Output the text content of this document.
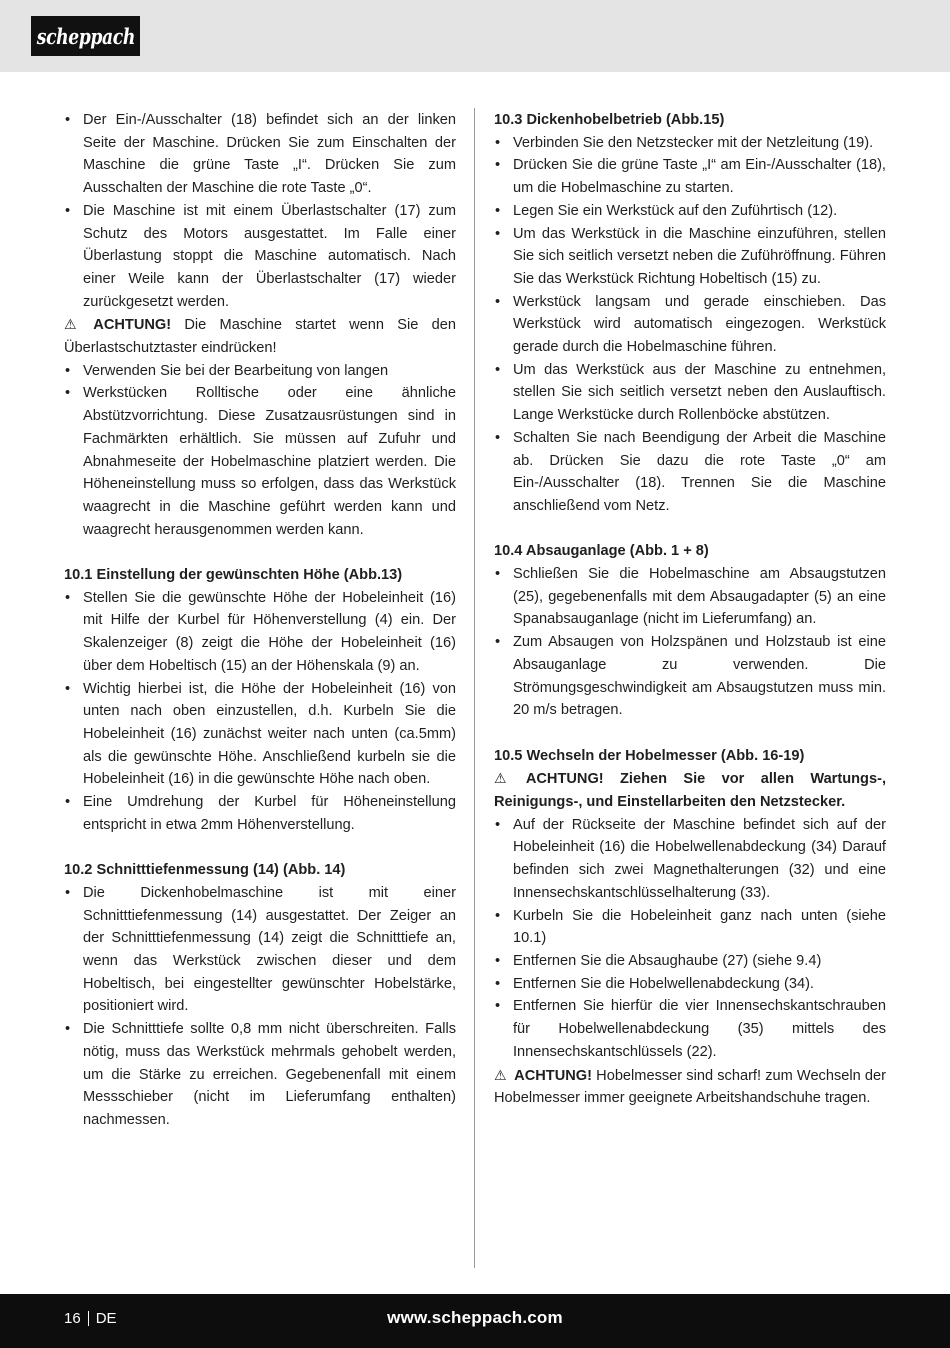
scheppach
• Der Ein-/Ausschalter (18) befindet sich an der linken Seite der Maschine. Drücken Sie zum Einschalten der Maschine die grüne Taste „I“. Drücken Sie zum Ausschalten der Maschine die rote Taste „0“.
• Die Maschine ist mit einem Überlastschalter (17) zum Schutz des Motors ausgestattet. Im Falle einer Überlastung stoppt die Maschine automatisch. Nach einer Weile kann der Überlastschalter (17) wieder zurückgesetzt werden.
⚠ ACHTUNG! Die Maschine startet wenn Sie den Überlastschutztaster eindrücken!
• Verwenden Sie bei der Bearbeitung von langen
• Werkstücken Rolltische oder eine ähnliche Abstützvorrichtung. Diese Zusatzausrüstungen sind in Fachmärkten erhältlich. Sie müssen auf Zufuhr und Abnahmeseite der Hobelmaschine platziert werden. Die Höheneinstellung muss so erfolgen, dass das Werkstück waagrecht in die Maschine geführt werden kann und waagrecht herausgenommen werden kann.
10.1 Einstellung der gewünschten Höhe (Abb.13)
• Stellen Sie die gewünschte Höhe der Hobeleinheit (16) mit Hilfe der Kurbel für Höhenverstellung (4) ein. Der Skalenzeiger (8) zeigt die Höhe der Hobeleinheit (16) über dem Hobeltisch (15) an der Höhenskala (9) an.
• Wichtig hierbei ist, die Höhe der Hobeleinheit (16) von unten nach oben einzustellen, d.h. Kurbeln Sie die Hobeleinheit (16) zunächst weiter nach unten (ca.5mm) als die gewünschte Höhe. Anschließend kurbeln sie die Hobeleinheit (16) in die gewünschte Höhe nach oben.
• Eine Umdrehung der Kurbel für Höheneinstellung entspricht in etwa 2mm Höhenverstellung.
10.2 Schnitttiefenmessung (14) (Abb. 14)
• Die Dickenhobelmaschine ist mit einer Schnitttiefenmessung (14) ausgestattet. Der Zeiger an der Schnitttiefenmessung (14) zeigt die Schnitttiefe an, wenn das Werkstück zwischen dieser und dem Hobeltisch, bei eingestellter gewünschter Hobelstärke, positioniert wird.
• Die Schnitttiefe sollte 0,8 mm nicht überschreiten. Falls nötig, muss das Werkstück mehrmals gehobelt werden, um die Stärke zu erreichen. Gegebenenfall mit einem Messschieber (nicht im Lieferumfang enthalten) nachmessen.
10.3 Dickenhobelbetrieb (Abb.15)
• Verbinden Sie den Netzstecker mit der Netzleitung (19).
• Drücken Sie die grüne Taste „I“ am Ein-/Ausschalter (18), um die Hobelmaschine zu starten.
• Legen Sie ein Werkstück auf den Zuführtisch (12).
• Um das Werkstück in die Maschine einzuführen, stellen Sie sich seitlich versetzt neben die Zuführöffnung. Führen Sie das Werkstück Richtung Hobeltisch (15) zu.
• Werkstück langsam und gerade einschieben. Das Werkstück wird automatisch eingezogen. Werkstück gerade durch die Hobelmaschine führen.
• Um das Werkstück aus der Maschine zu entnehmen, stellen Sie sich seitlich versetzt neben den Auslauftisch. Lange Werkstücke durch Rollenböcke abstützen.
• Schalten Sie nach Beendigung der Arbeit die Maschine ab. Drücken Sie dazu die rote Taste „0“ am Ein-/Ausschalter (18). Trennen Sie die Maschine anschließend vom Netz.
10.4 Absauganlage (Abb. 1 + 8)
• Schließen Sie die Hobelmaschine am Absaugstutzen (25), gegebenenfalls mit dem Absaugadapter (5) an eine Spanabsauganlage (nicht im Lieferumfang) an.
• Zum Absaugen von Holzspänen und Holzstaub ist eine Absauganlage zu verwenden. Die Strömungsgeschwindigkeit am Absaugstutzen muss min. 20 m/s betragen.
10.5 Wechseln der Hobelmesser (Abb. 16-19)
⚠ ACHTUNG! Ziehen Sie vor allen Wartungs-, Reinigungs-, und Einstellarbeiten den Netzstecker.
• Auf der Rückseite der Maschine befindet sich auf der Hobeleinheit (16) die Hobelwellenabdeckung (34) Darauf befinden sich zwei Magnethalterungen (32) und eine Innensechskantschlüsselhalterung (33).
• Kurbeln Sie die Hobeleinheit ganz nach unten (siehe 10.1)
• Entfernen Sie die Absaughaube (27) (siehe 9.4)
• Entfernen Sie die Hobelwellenabdeckung (34).
• Entfernen Sie hierfür die vier Innensechskantschrauben für Hobelwellenabdeckung (35) mittels des Innensechskantschlüssels (22).
⚠ ACHTUNG! Hobelmesser sind scharf! zum Wechseln der Hobelmesser immer geeignete Arbeitshandschuhe tragen.
16 DE	www.scheppach.com
